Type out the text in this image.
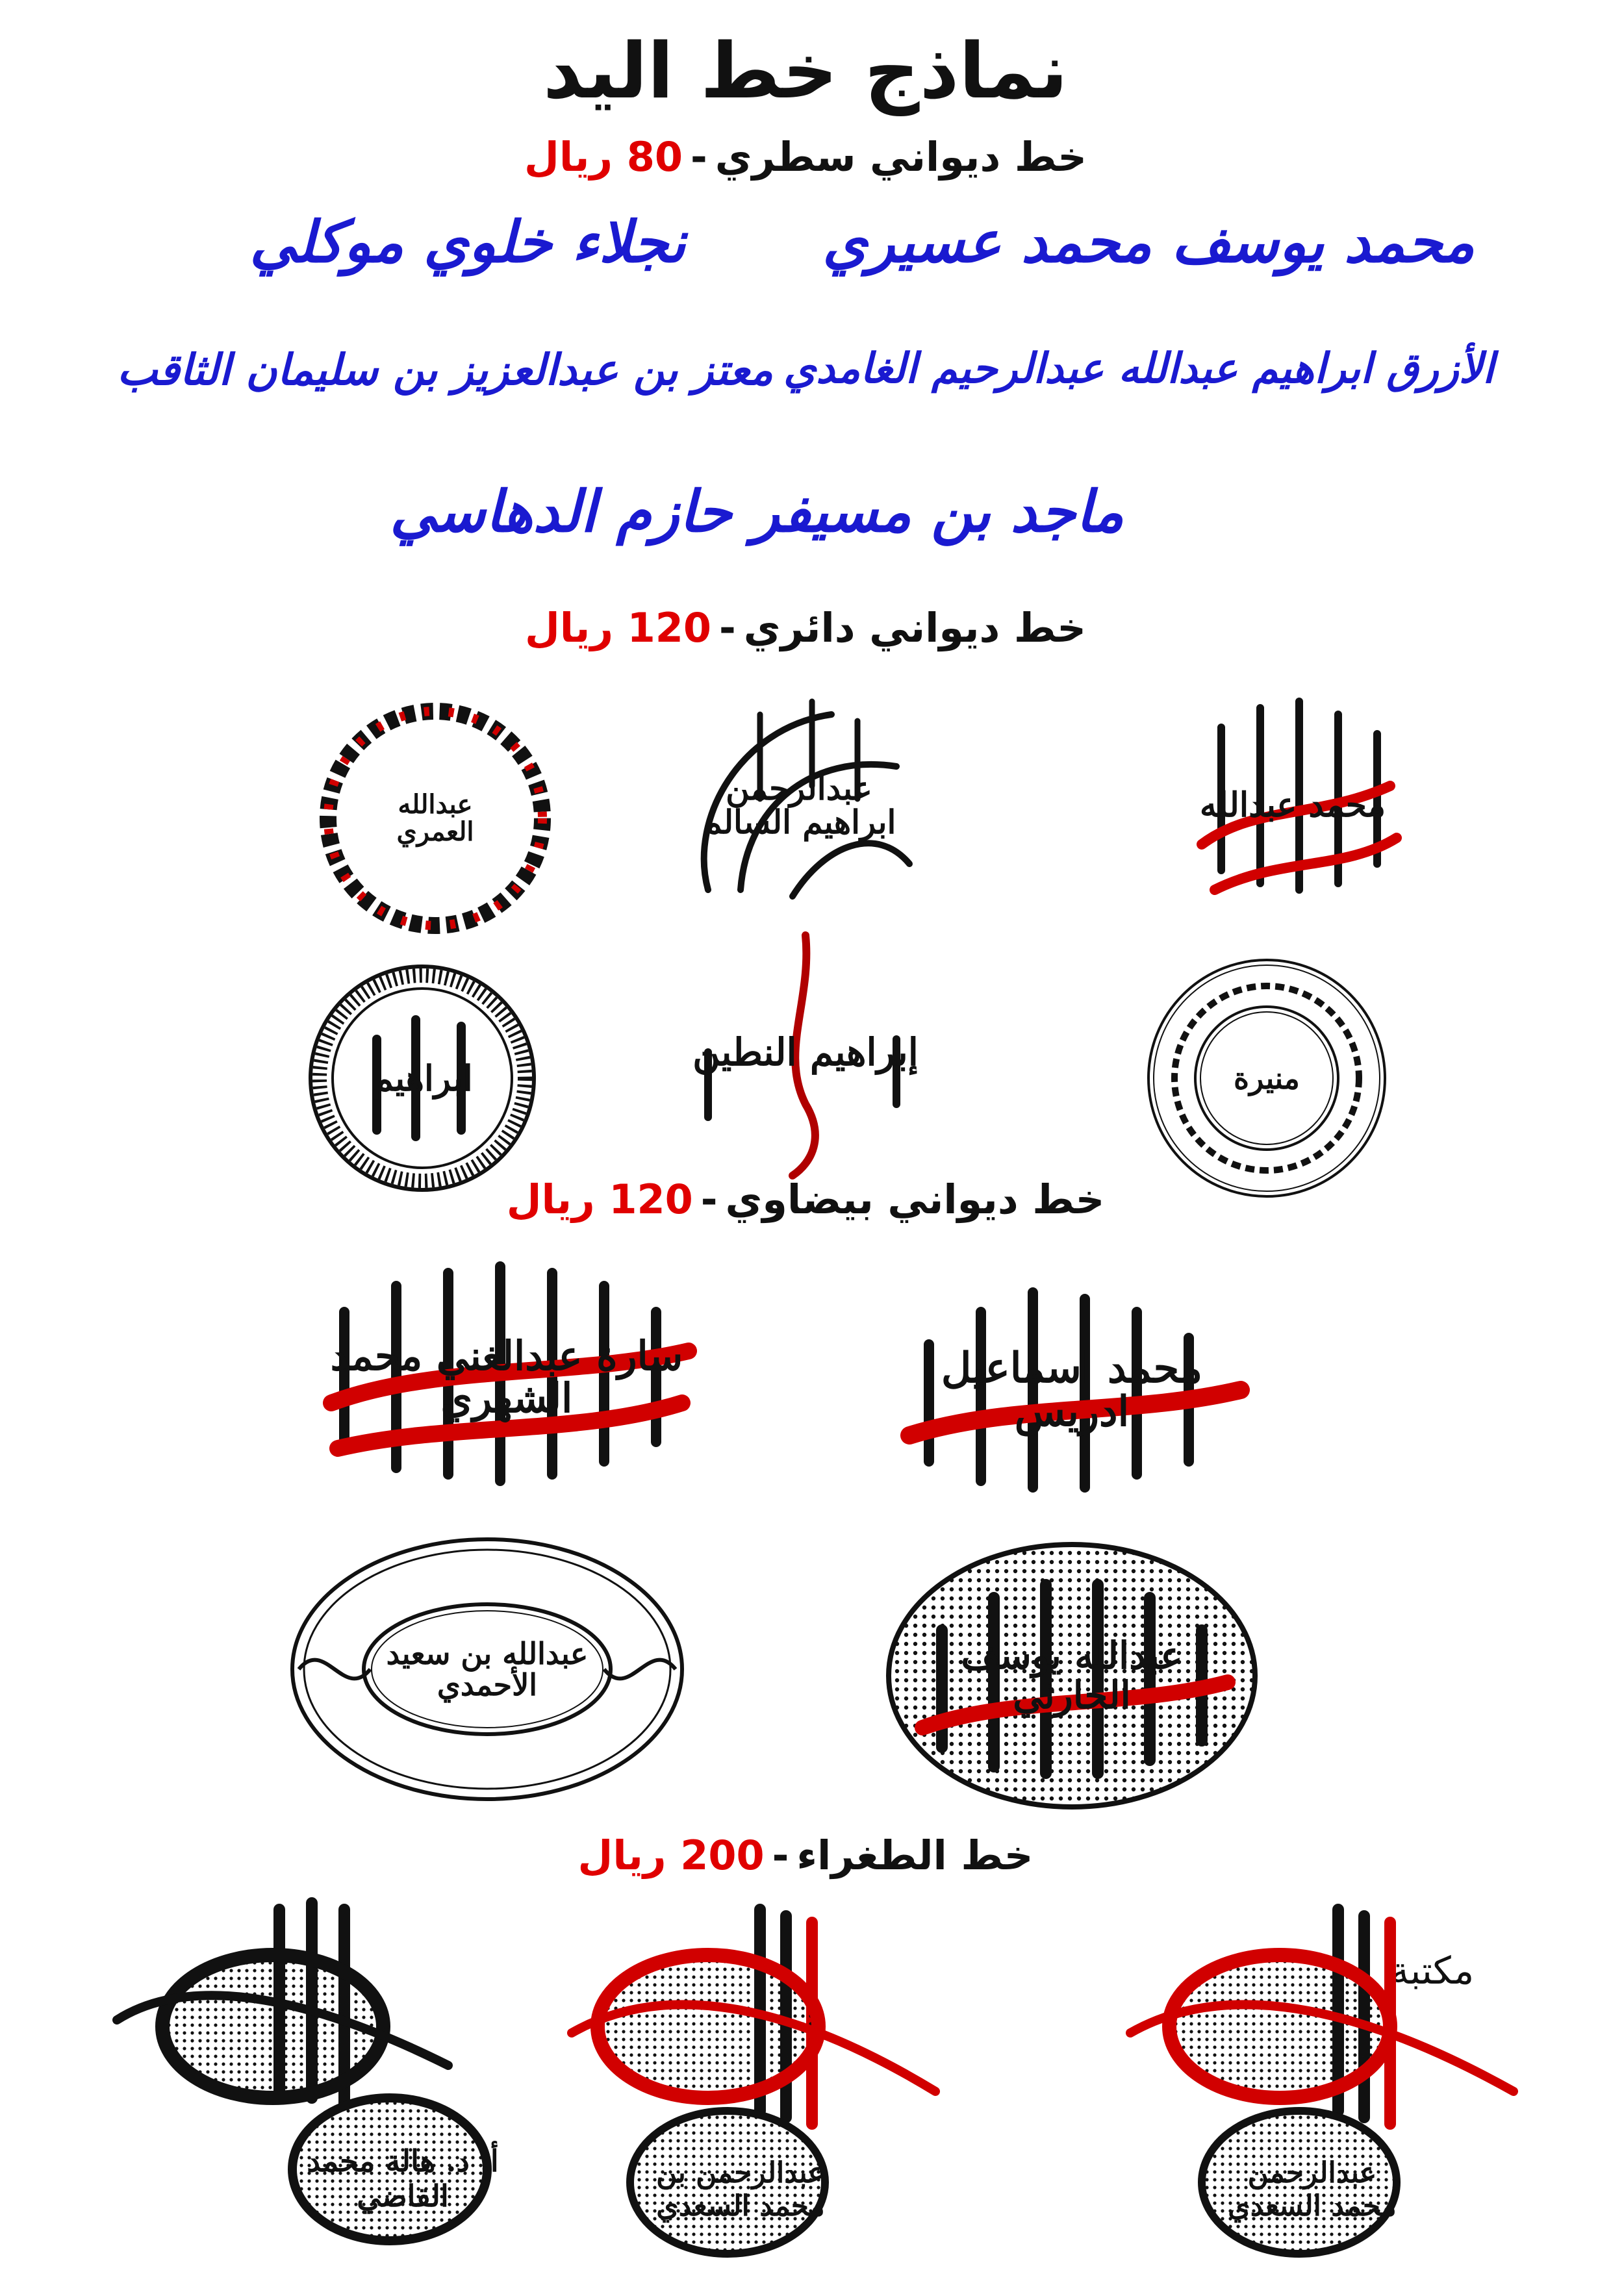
نماذج خط اليد
خط ديواني سطري-80 ريال
محمد يوسف محمد عسيري
نجلاء خلوي موكلي
الأزرق ابراهيم عبدالله عبدالرحيم الغامدي
معتز بن عبدالعزيز بن سليمان الثاقب
ماجد بن مسيفر حازم الدهاسي
خط ديواني دائري-120 ريال
عبدالله العمري
عبدالرحمن ابراهيم السالم	محمد عبدالله
ابراهيم
إبراهيم النطين
منيرة
خط ديواني بيضاوي-120 ريال
سارة عبدالغني محمد الشهري
محمد اسماعيل ادريس
عبدالله بن سعيد الأحمدي
عبدالله يوسف الحارثي
خط الطغراء-200 ريال
مكتبة
أ. د. هالة محمد القاضي
عبدالرحمن بن محمد السعدي
عبدالرحمن محمد السعدي
